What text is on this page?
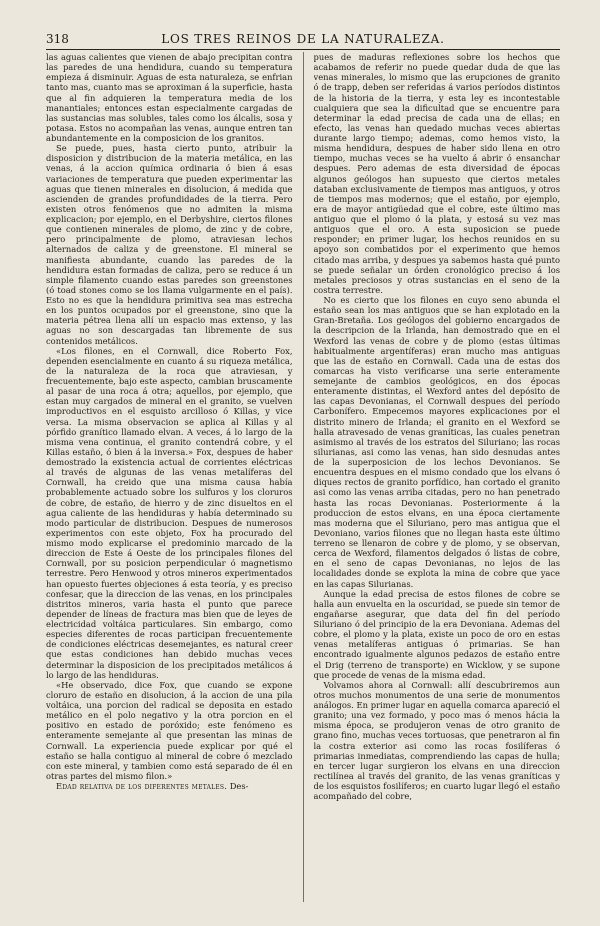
318	LOS TRES REINOS DE LA NATURALEZA.

las aguas calientes que vienen de abajo precipitan contra las paredes de una hendidura, cuando su temperatura empieza á disminuir. Aguas de esta naturaleza, se enfrian tanto mas, cuanto mas se aproximan á la superficie, hasta que al fin adquieren la temperatura media de los manantiales; entonces estan especialmente cargadas de las sustancias mas solubles, tales como los álcalis, sosa y potasa. Estos no acompañan las venas, aunque entren tan abundantemente en la composicion de los granitos.

Se puede, pues, hasta cierto punto, atribuir la disposicion y distribucion de la materia metálica, en las venas, á la accion química ordinaria ó bien á esas variaciones de temperatura que pueden experimentar las aguas que tienen minerales en disolucion, á medida que ascienden de grandes profundidades de la tierra. Pero existen otros fenómenos que no admiten la misma explicacion; por ejemplo, en el Derbyshire, ciertos filones que contienen minerales de plomo, de zinc y de cobre, pero principalmente de plomo, atraviesan lechos alternados de caliza y de greenstone. El mineral se manifiesta abundante, cuando las paredes de la hendidura estan formadas de caliza, pero se reduce á un simple filamento cuando estas paredes son greenstones (ó toad stones como se los llama vulgarmente en el país). Esto no es que la hendidura primitiva sea mas estrecha en los puntos ocupados por el greenstone, sino que la materia pétrea llena allí un espacio mas extenso, y las aguas no son descargadas tan libremente de sus contenidos metálicos.

«Los filones, en el Cornwall, dice Roberto Fox, dependen esencialmente en cuanto á su riqueza metálica, de la naturaleza de la roca que atraviesan, y frecuentemente, bajo este aspecto, cambian bruscamente al pasar de una roca á otra; aquellos, por ejemplo, que estan muy cargados de mineral en el granito, se vuelven improductivos en el esquisto arcilloso ó Killas, y vice versa. La misma observacion se aplica al Killas y al pórfido granítico llamado elvan. A veces, á lo largo de la misma vena continua, el granito contendrá cobre, y el Killas estaño, ó bien á la inversa.» Fox, despues de haber demostrado la existencia actual de corrientes eléctricas al través de algunas de las venas metalíferas del Cornwall, ha creido que una misma causa había probablemente actuado sobre los sulfuros y los cloruros de cobre, de estaño, de hierro y de zinc disueltos en el agua caliente de las hendiduras y había determinado su modo particular de distribucion. Despues de numerosos experimentos con este objeto, Fox ha procurado del mismo modo explicarse el predominio marcado de la direccion de Este á Oeste de los principales filones del Cornwall, por su posicion perpendicular ó magnetismo terrestre. Pero Henwood y otros mineros experimentados han opuesto fuertes objeciones á esta teoría, y es preciso confesar, que la direccion de las venas, en los principales distritos mineros, varia hasta el punto que parece depender de líneas de fractura mas bien que de leyes de electricidad voltáica particulares. Sin embargo, como especies diferentes de rocas participan frecuentemente de condiciones eléctricas desemejantes, es natural creer que estas condiciones han debido muchas veces determinar la disposicion de los precipitados metálicos á lo largo de las hendiduras.

«He observado, dice Fox, que cuando se expone cloruro de estaño en disolucion, á la accion de una pila voltáica, una porcion del radical se deposita en estado metálico en el polo negativo y la otra porcion en el positivo en estado de poróxido; este fenómeno es enteramente semejante al que presentan las minas de Cornwall. La experiencia puede explicar por qué el estaño se halla contiguo al mineral de cobre ó mezclado con este mineral, y tambien como está separado de él en otras partes del mismo filon.»

Edad relativa de los diferentes metales. Des-

pues de maduras reflexiones sobre los hechos que acabamos de referir no puede quedar duda de que las venas minerales, lo mismo que las erupciones de granito ó de trapp, deben ser referidas á varios períodos distintos de la historia de la tierra, y esta ley es incontestable cualquiera que sea la dificultad que se encuentre para determinar la edad precisa de cada una de ellas; en efecto, las venas han quedado muchas veces abiertas durante largo tiempo; ademas, como hemos visto, la misma hendidura, despues de haber sido llena en otro tiempo, muchas veces se ha vuelto á abrir ó ensanchar despues. Pero ademas de esta diversidad de épocas algunos geólogos han supuesto que ciertos metales databan exclusivamente de tiempos mas antiguos, y otros de tiempos mas modernos; que el estaño, por ejemplo, era de mayor antigüedad que el cobre, este último mas antiguo que el plomo ó la plata, y estosá su vez mas antiguos que el oro. A esta suposicion se puede responder; en primer lugar, los hechos reunidos en su apoyo son combatidos por el experimento que hemos citado mas arriba, y despues ya sabemos hasta qué punto se puede señalar un órden cronológico preciso á los metales preciosos y otras sustancias en el seno de la costra terrestre.

No es cierto que los filones en cuyo seno abunda el estaño sean los mas antiguos que se han explotado en la Gran-Bretaña. Los geólogos del gobierno encargados de la descripcion de la Irlanda, han demostrado que en el Wexford las venas de cobre y de plomo (estas últimas habitualmente argentíferas) eran mucho mas antiguas que las de estaño en Cornwall. Cada una de estas dos comarcas ha visto verificarse una serie enteramente semejante de cambios geológicos, en dos épocas enteramente distintas, el Wexford antes del depósito de las capas Devonianas, el Cornwall despues del período Carbonífero. Empecemos mayores explicaciones por el distrito minero de Irlanda; el granito en el Wexford se halla atravesado de venas graníticas, las cuales penetran asimismo al través de los estratos del Siluriano; las rocas silurianas, asi como las venas, han sido desnudas antes de la superposicion de los lechos Devonianos. Se encuentra despues en el mismo condado que los elvans ó diques rectos de granito porfídico, han cortado el granito asi como las venas arriba citadas, pero no han penetrado hasta las rocas Devonianas. Posteriormente á la produccion de estos elvans, en una época ciertamente mas moderna que el Siluriano, pero mas antigua que el Devoniano, varios filones que no llegan hasta este último terreno se llenaron de cobre y de plomo, y se observan, cerca de Wexford, filamentos delgados ó listas de cobre, en el seno de capas Devonianas, no lejos de las localidades donde se explota la mina de cobre que yace en las capas Silurianas.

Aunque la edad precisa de estos filones de cobre se halla aun envuelta en la oscuridad, se puede sin temor de engañarse asegurar, que data del fin del período Siluriano ó del principio de la era Devoniana. Ademas del cobre, el plomo y la plata, existe un poco de oro en estas venas metalíferas antiguas ó primarias. Se han encontrado igualmente algunos pedazos de estaño entre el Drig (terreno de transporte) en Wicklow, y se supone que procede de venas de la misma edad.

Volvamos ahora al Cornwall: allí descubriremos aun otros muchos monumentos de una serie de monumentos análogos. En primer lugar en aquella comarca apareció el granito; una vez formado, y poco mas ó menos hácia la misma época, se produjeron venas de otro granito de grano fino, muchas veces tortuosas, que penetraron al fin la costra exterior asi como las rocas fosilíferas ó primarias inmediatas, comprendiendo las capas de hulla; en tercer lugar surgieron los elvans en una direccion rectilínea al través del granito, de las venas graníticas y de los esquistos fosilíferos; en cuarto lugar llegó el estaño acompañado del cobre,
